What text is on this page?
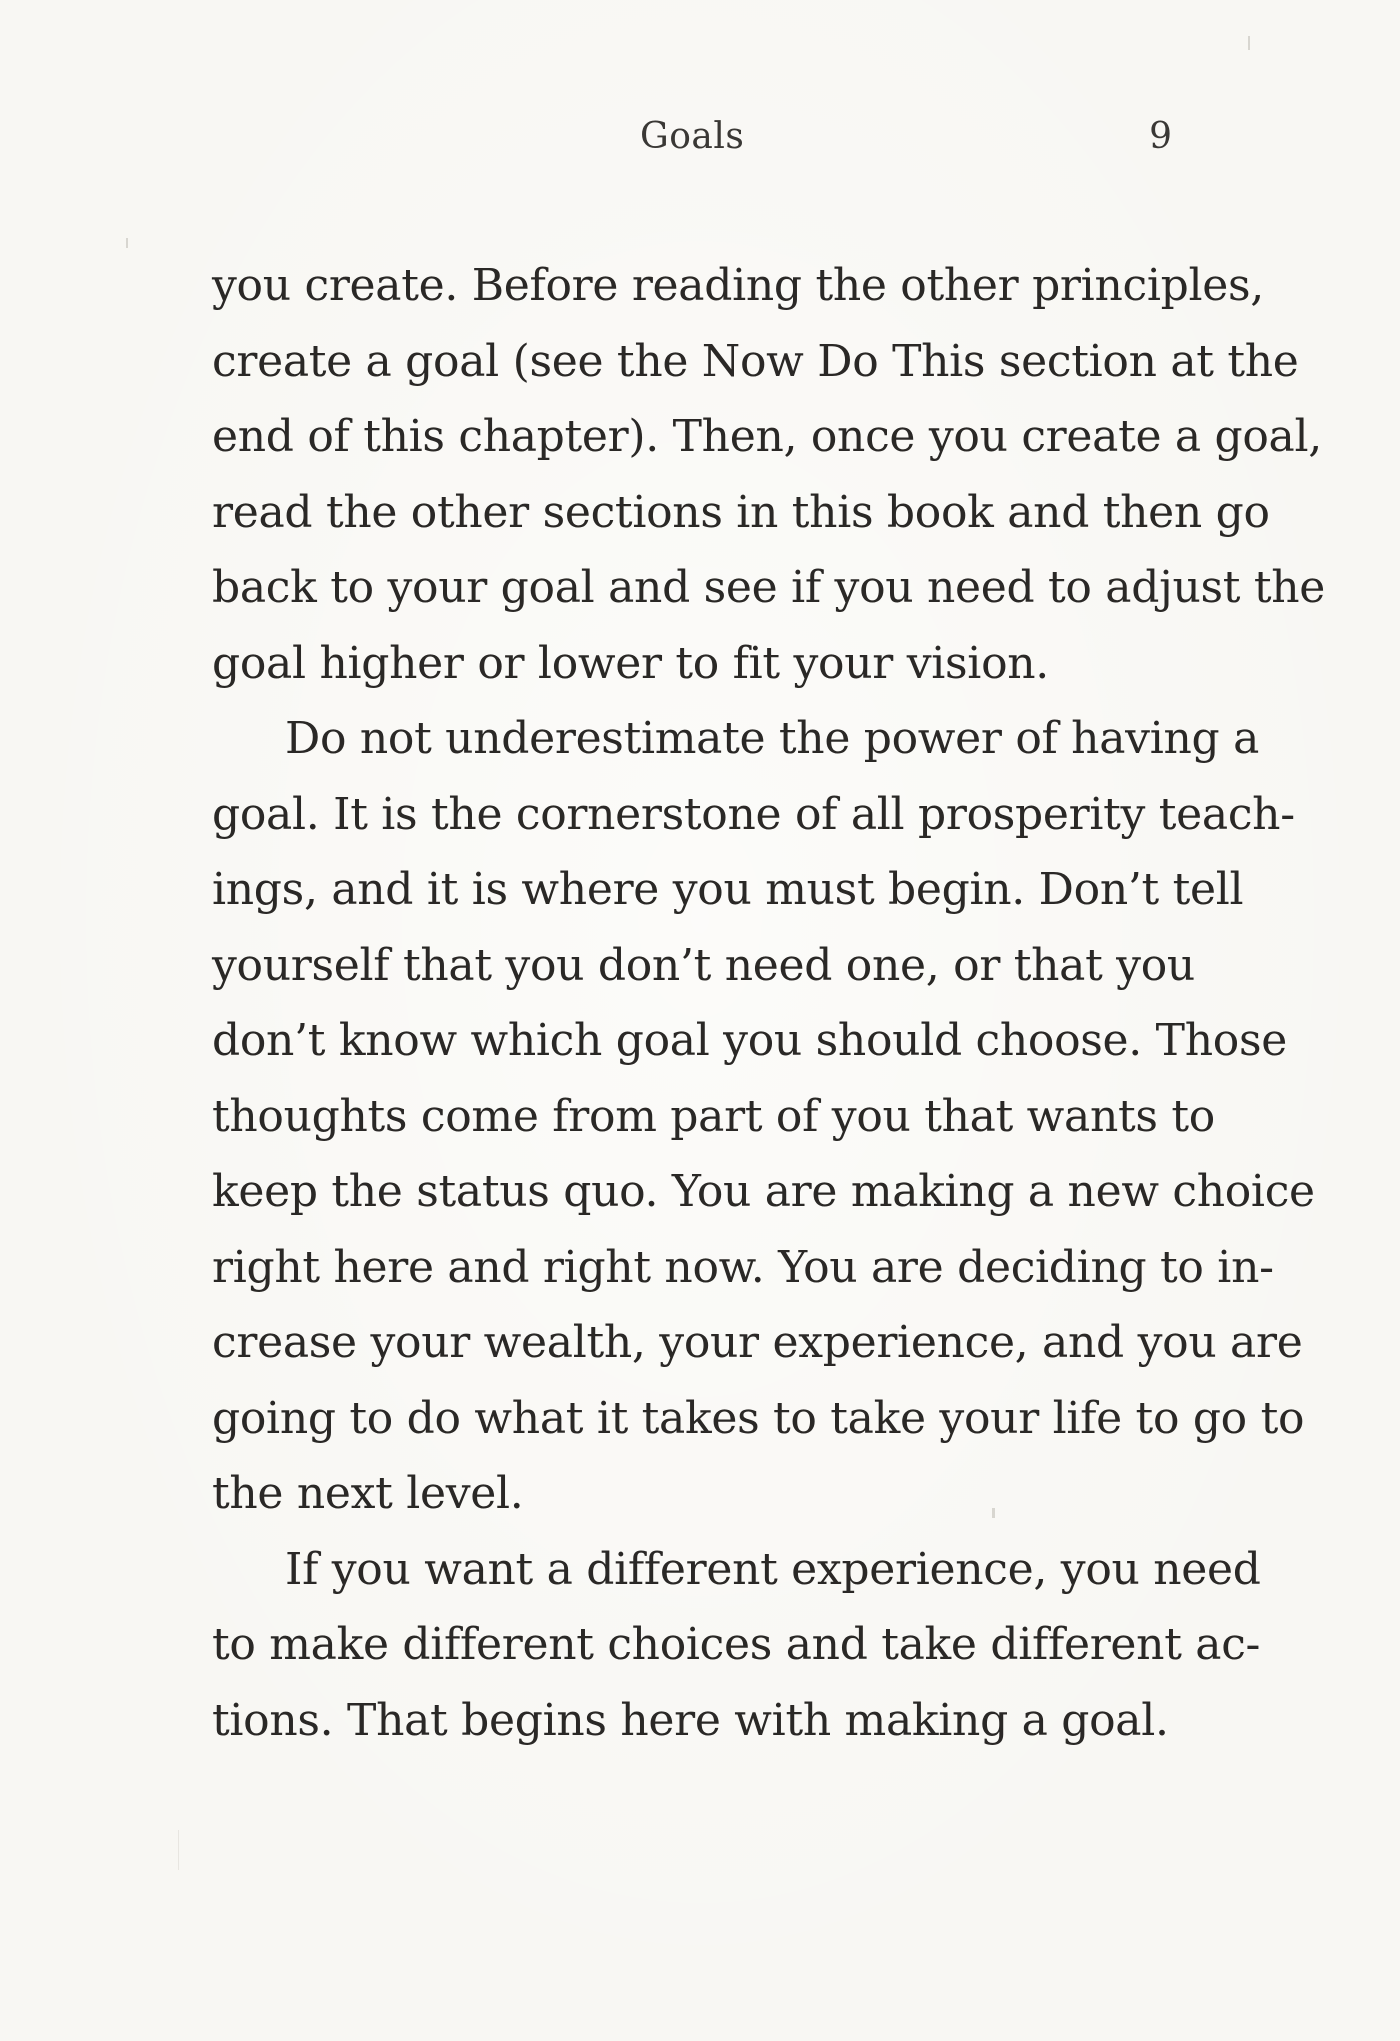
Goals	9
you create. Before reading the other principles,
create a goal (see the Now Do This section at the
end of this chapter). Then, once you create a goal,
read the other sections in this book and then go
back to your goal and see if you need to adjust the
goal higher or lower to fit your vision.
Do not underestimate the power of having a
goal. It is the cornerstone of all prosperity teach-
ings, and it is where you must begin. Don’t tell
yourself that you don’t need one, or that you
don’t know which goal you should choose. Those
thoughts come from part of you that wants to
keep the status quo. You are making a new choice
right here and right now. You are deciding to in-
crease your wealth, your experience, and you are
going to do what it takes to take your life to go to
the next level.
If you want a different experience, you need
to make different choices and take different ac-
tions. That begins here with making a goal.
